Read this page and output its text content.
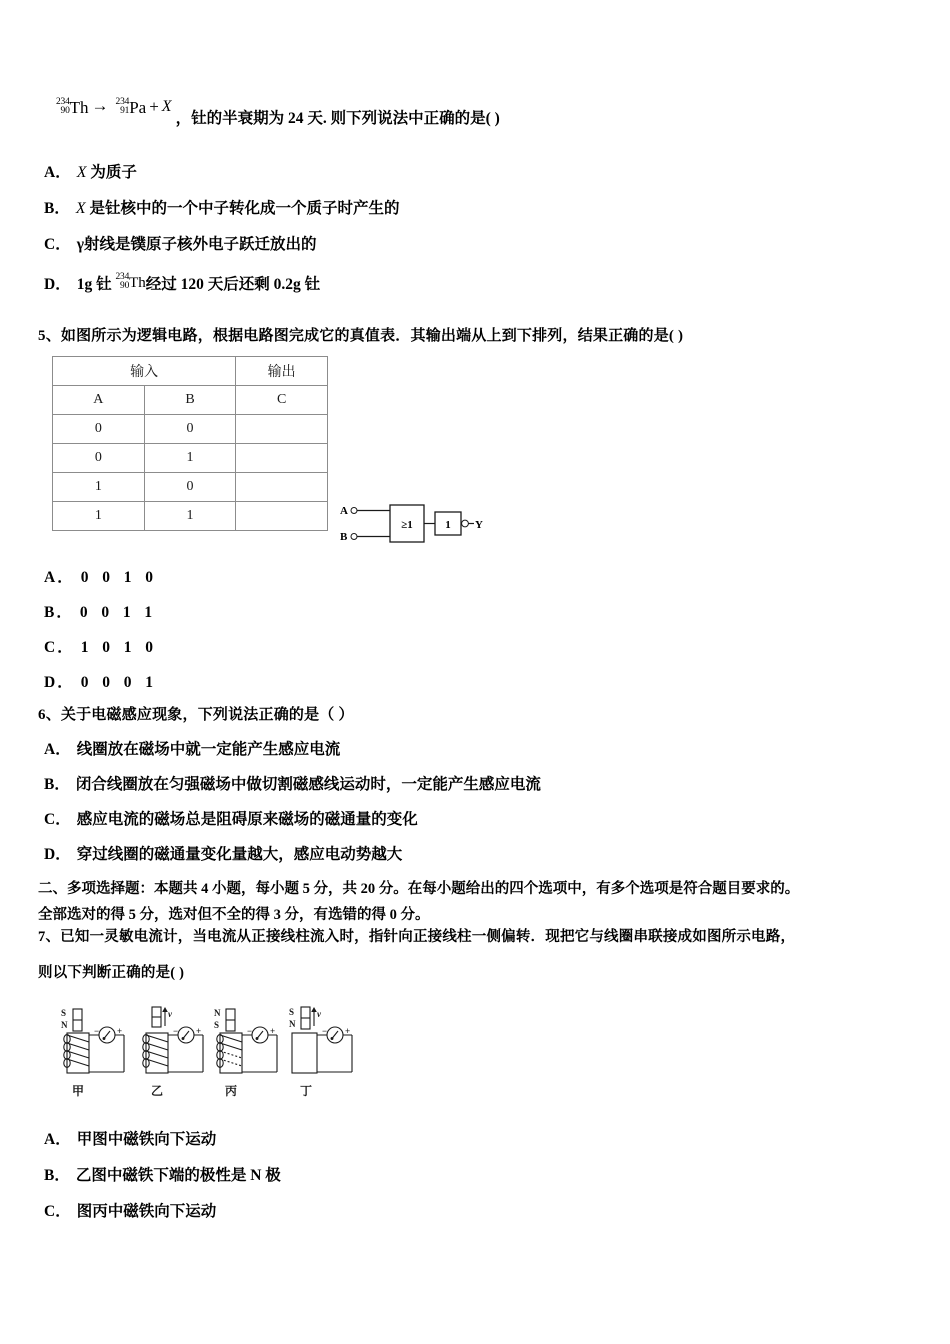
234
90 Th → 234
91 Pa + X，钍的半衰期为 24 天. 则下列说法中正确的是( )
A． X 为质子
B． X 是钍核中的一个中子转化成一个质子时产生的
C． γ射线是镤原子核外电子跃迁放出的
D． 1g 钍 234
90 Th经过 120 天后还剩 0.2g 钍
5、如图所示为逻辑电路，根据电路图完成它的真值表．其输出端从上到下排列，结果正确的是( )
输入		输出
A	B	C
0	0	
0	1	
1	0	
1	1		A
B
≥1	1 Y
A． 0 0 1 0
B． 0 0 1 1
C． 1 0 1 0
D． 0 0 0 1
6、关于电磁感应现象，下列说法正确的是（ ）
A． 线圈放在磁场中就一定能产生感应电流
B． 闭合线圈放在匀强磁场中做切割磁感线运动时，一定能产生感应电流
C． 感应电流的磁场总是阻碍原来磁场的磁通量的变化
D． 穿过线圈的磁通量变化量越大，感应电动势越大
二、多项选择题：本题共 4 小题，每小题 5 分，共 20 分。在每小题给出的四个选项中，有多个选项是符合题目要求的。
全部选对的得 5 分，选对但不全的得 3 分，有选错的得 0 分。
7、已知一灵敏电流计，当电流从正接线柱流入时，指针向正接线柱一侧偏转．现把它与线圈串联接成如图所示电路，
则以下判断正确的是( )
S
N
− +
甲
v
− +
乙
N
S
− +
丙
S
N
v
− +
丁
A． 甲图中磁铁向下运动
B． 乙图中磁铁下端的极性是 N 极
C． 图丙中磁铁向下运动
